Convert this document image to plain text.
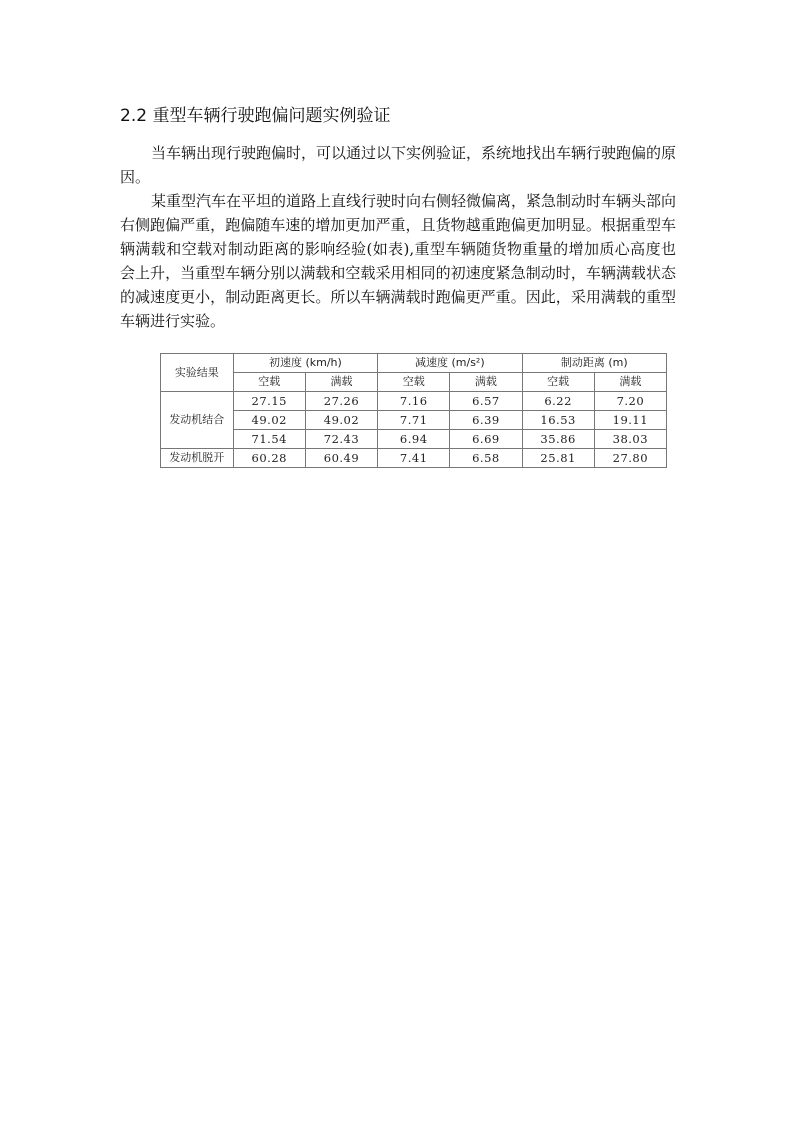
2.2 重型车辆行驶跑偏问题实例验证

当车辆出现行驶跑偏时，可以通过以下实例验证，系统地找出车辆行驶跑偏的原因。

某重型汽车在平坦的道路上直线行驶时向右侧轻微偏离，紧急制动时车辆头部向右侧跑偏严重，跑偏随车速的增加更加严重，且货物越重跑偏更加明显。根据重型车辆满载和空载对制动距离的影响经验(如表),重型车辆随货物重量的增加质心高度也会上升，当重型车辆分别以满载和空载采用相同的初速度紧急制动时，车辆满载状态的减速度更小，制动距离更长。所以车辆满载时跑偏更严重。因此，采用满载的重型车辆进行实验。

实验结果	初速度 (km/h)		减速度 (m/s²)		制动距离 (m)	
	空载	满载	空载	满载	空载	满载
发动机结合	27.15	27.26	7.16	6.57	6.22	7.20
	49.02	49.02	7.71	6.39	16.53	19.11
	71.54	72.43	6.94	6.69	35.86	38.03
发动机脱开	60.28	60.49	7.41	6.58	25.81	27.80
